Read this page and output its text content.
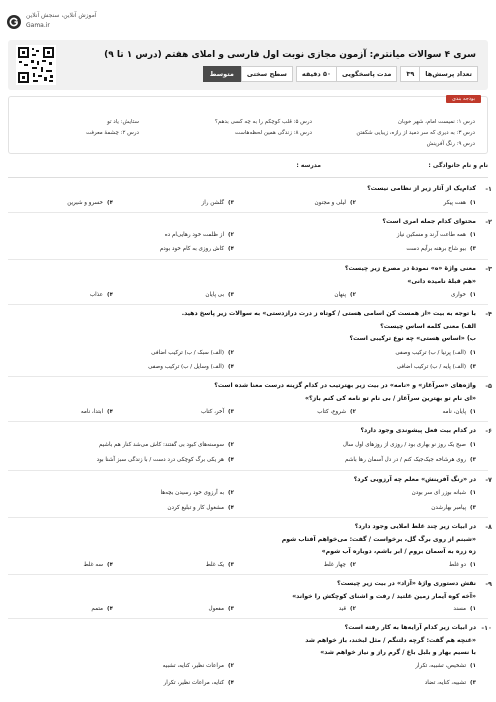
آموزش آنلاین، سنجش آنلاین
Gama.ir
سری ۴ سوالات میانترم: آزمون مجازی نوبت اول فارسی و املای هفتم (درس ۱ تا ۹)
تعداد پرسش‌ها
۳۹
مدت پاسخگویی
۵۰ دقیقه
سطح سختی
متوسط
بودجه بندی
درس ۱: نمیست امام، شهر خوبان
درس ۵: قلب کوچکم را به چه کسی بدهم؟
ستایش: یاد تو
درس ۳: به‌ دیری که سر دمید از رازه، ‌زیبایی شکفتن
درس ۸: زندگی همین لحظه‌هاست
درس ۲: چشمهٔ معرفت
درس ۹: رنگ آفرینش
نام و نام خانوادگی :
مدرسه :
۱-
کدام‌یک از آثار زیر از نظامی نیست؟
۱)هفت پیکر
۲)لیلی و مجنون
۳)گلشن راز
۴)خسرو و شیرین
۲-
محتوای کدام جمله امری است؟
۱)همه طاعت آرند و مسکین نیاز
۲)از ظلمت خود رهایی‌ام ده
۳)بیو شاخ برهنه برآیم دست
۴)کاش روزی به کام خود بودم
۳-
معنی واژهٔ «ه» نمودهٔ در مصرع زیر چیست؟
«هم قبلهٔ نامیده دانی»
۱)خواری
۲)پنهان
۳)بی پایان
۴)عذاب
۴-
با توجه به بیت «از همست کن اسامی هستی / کوتاه ز درت درازدستی» به سوالات زیر پاسخ دهید.
الف) معنی کلمه اساس چیست؟
ب) «اساس هستی» چه نوع ترکیبی است؟
۱)(الف) پرنیا / ب) ترکیب وصفی
۲)(الف) سبک / ب) ترکیب اضافی
۳)(الف) پایه / ب) ترکیب اضافی
۴)(الف) وسایل / ب) ترکیب وصفی
۵-
واژه‌های «سرآغاز» و «نامه» در بیت زیر بهترتیب در کدام گزینه درست معنا شده است؟
«ای نام تو بهترین سرآغاز / بی نام تو نامه کی کنم باز؟»
۱)پایان، نامه
۲)شروع، کتاب
۳)آخر، کتاب
۴)ابتدا، نامه
۶-
در کدام بیت فعل پیشوندی وجود دارد؟
۱)صبح یک روز نو بهاری بود / روزی از روزهای اول سال
۲)سوسنه‌های کبود بی گفتند: کاش می‌شد کنار هم باشیم
۳)روی هرشاخه جیک‌جیک کنم / در دل آسمان رها باشم
۴)هر یکی برگ کوچکی درد دست / با زندگی سبز آشنا بود
۷-
در «رنگ آفرینش» معلم چه آرزویی کرد؟
۱)شبانه بوزر ای سر بودن
۲)به آرزوی خود رسیدن بچه‌ها
۳)پیامبر بهارشدن
۴)مشغول کار و تبلیغ کردن
۸-
در ابیات زیر چند غلط املایی وجود دارد؟
«شبنم از روی برگ گل، برخواست / گفت: می‌خواهم آفتاب شوم
زه زره به آسمان بروم / ابر باشم، دوباره آب شوم»
۱)دو غلط
۲)چهار غلط
۳)یک غلط
۴)سه غلط
۹-
نقش دستوری واژهٔ «آزاد» در بیت زیر چیست؟
«آخه کوه آیمار زمین غلتید / رفت و اشنای کوچکش را خواند»
۱)مسند
۲)قید
۳)مفعول
۴)متمم
۱۰-
در ابیات زیر کدام آرایه‌ها به کار رفته است؟
«غنچه هم گفت: گرچه دلتنگم / مثل لبخند، باز خواهم شد
با نسیم بهار و بلبل باغ / گرم راز و نیاز خواهم شد»
۱)تشخیص، تشبیه، تکرار
۲)مراعات نظیر، کنایه، تشبیه
۳)تشبیه، کنایه، تضاد
۴)کنایه، مراعات نظیر، تکرار
